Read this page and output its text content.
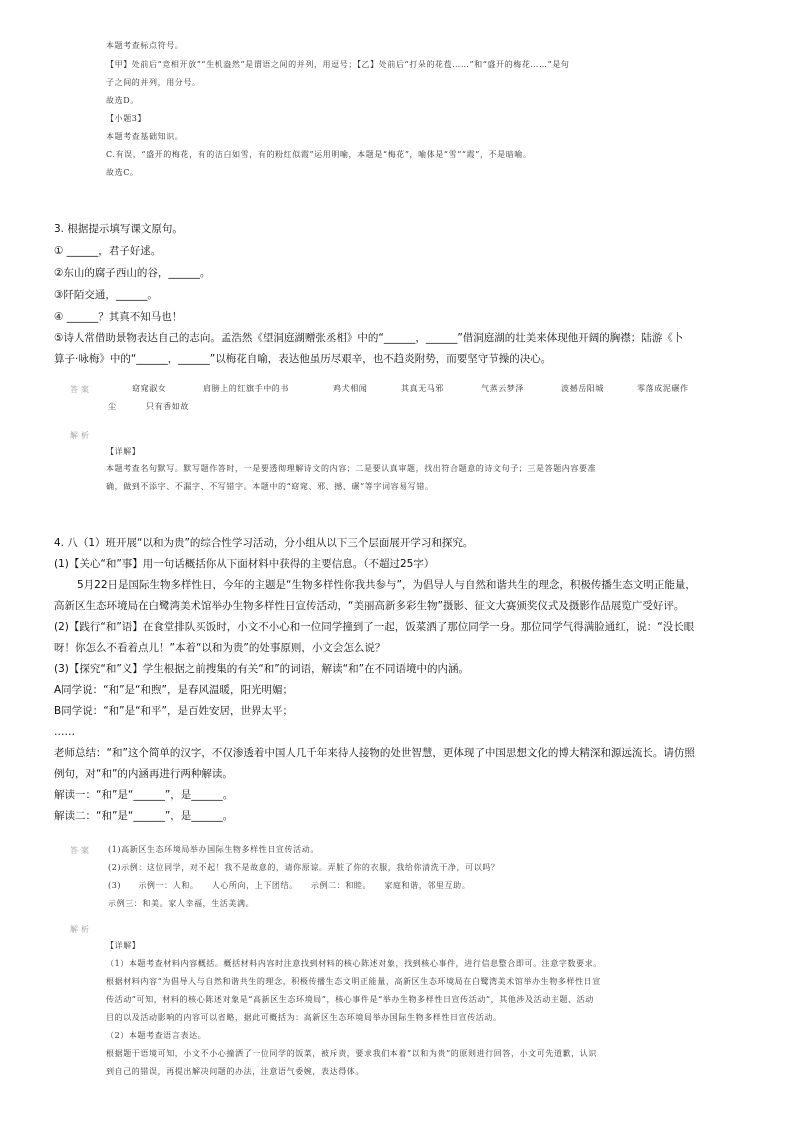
本题考查标点符号。
【甲】处前后“竞相开放”“生机盎然”是谓语之间的并列，用逗号；【乙】处前后“打朵的花苞……”和“盛开的梅花……”是句
子之间的并列，用分号。
故选D。
【小题3】
本题考查基础知识。
C.有误，“盛开的梅花，有的洁白如雪，有的粉红似霞”运用明喻，本题是“梅花”，喻体是“雪”“霞”，不是暗喻。
故选C。
3. 根据提示填写课文原句。
① ______，君子好逑。
②东山的腐子西山的谷，______。
③阡陌交通，______。
④ ______？其真不知马也！
⑤诗人常借助景物表达自己的志向。孟浩然《望洞庭湖赠张丞相》中的“______，______”借洞庭湖的壮美来体现他开阔的胸襟；陆游《卜
算子·咏梅》中的“______，______”以梅花自喻，表达他虽历尽艰辛，也不趋炎附势，而要坚守节操的决心。
答案	窈窕淑女	肩膀上的红旗手中的书	鸡犬相闻	其真无马邪	气蒸云梦泽	波撼岳阳城	零落成泥碾作
尘	只有香如故
解析
【详解】
本题考查名句默写。默写题作答时，一是要透彻理解诗文的内容；二是要认真审题，找出符合题意的诗文句子；三是答题内容要准
确，做到不添字、不漏字、不写错字。本题中的“窈窕、邪、撼、碾”等字词容易写错。
4. 八（1）班开展“以和为贵”的综合性学习活动，分小组从以下三个层面展开学习和探究。
(1)【关心“和”事】用一句话概括你从下面材料中获得的主要信息。（不超过25字）
5月22日是国际生物多样性日，今年的主题是“生物多样性你我共参与”，为倡导人与自然和谐共生的理念，积极传播生态文明正能量，
高新区生态环境局在白鹭湾美术馆举办生物多样性日宣传活动，“美丽高新多彩生物”摄影、征文大赛颁奖仪式及摄影作品展览广受好评。
(2)【践行“和”语】在食堂排队买饭时，小文不小心和一位同学撞到了一起，饭菜洒了那位同学一身。那位同学气得满脸通红，说：“没长眼
呀！你怎么不看着点儿！”本着“以和为贵”的处事原则，小文会怎么说？
(3)【探究“和”义】学生根据之前搜集的有关“和”的词语，解读“和”在不同语境中的内涵。
A同学说：“和”是“和煦”，是春风温暖，阳光明媚；
B同学说：“和”是“和平”，是百姓安居，世界太平；
……
老师总结：“和”这个简单的汉字，不仅渗透着中国人几千年来待人接物的处世智慧，更体现了中国思想文化的博大精深和源远流长。请仿照
例句，对“和”的内涵再进行两种解读。
解读一：“和”是“______”，是______。
解读二：“和”是“______”，是______。
答案 (1)高新区生态环境局举办国际生物多样性日宣传活动。
(2)示例：这位同学，对不起！我不是故意的，请你原谅。弄脏了你的衣服，我给你清洗干净，可以吗？
(3)　　示例一：人和。　　人心所向，上下团结。　　示例二：和睦。　　家庭和谐，邻里互助。
示例三：和美。家人幸福，生活美满。
解析
【详解】
（1）本题考查材料内容概括。概括材料内容时注意找到材料的核心陈述对象，找到核心事件，进行信息整合即可。注意字数要求。
根据材料内容“为倡导人与自然和谐共生的理念，积极传播生态文明正能量，高新区生态环境局在白鹭湾美术馆举办生物多样性日宣
传活动”可知，材料的核心陈述对象是“高新区生态环境局”，核心事件是“举办生物多样性日宣传活动”，其他涉及活动主题、活动
目的以及活动影响的内容可以省略，据此可概括为：高新区生态环境局举办国际生物多样性日宣传活动。
（2）本题考查语言表达。
根据题干语境可知，小文不小心撞洒了一位同学的饭菜，被斥责，要求我们本着“以和为贵”的原则进行回答，小文可先道歉，认识
到自己的错误，再提出解决问题的办法，注意语气委婉，表达得体。
